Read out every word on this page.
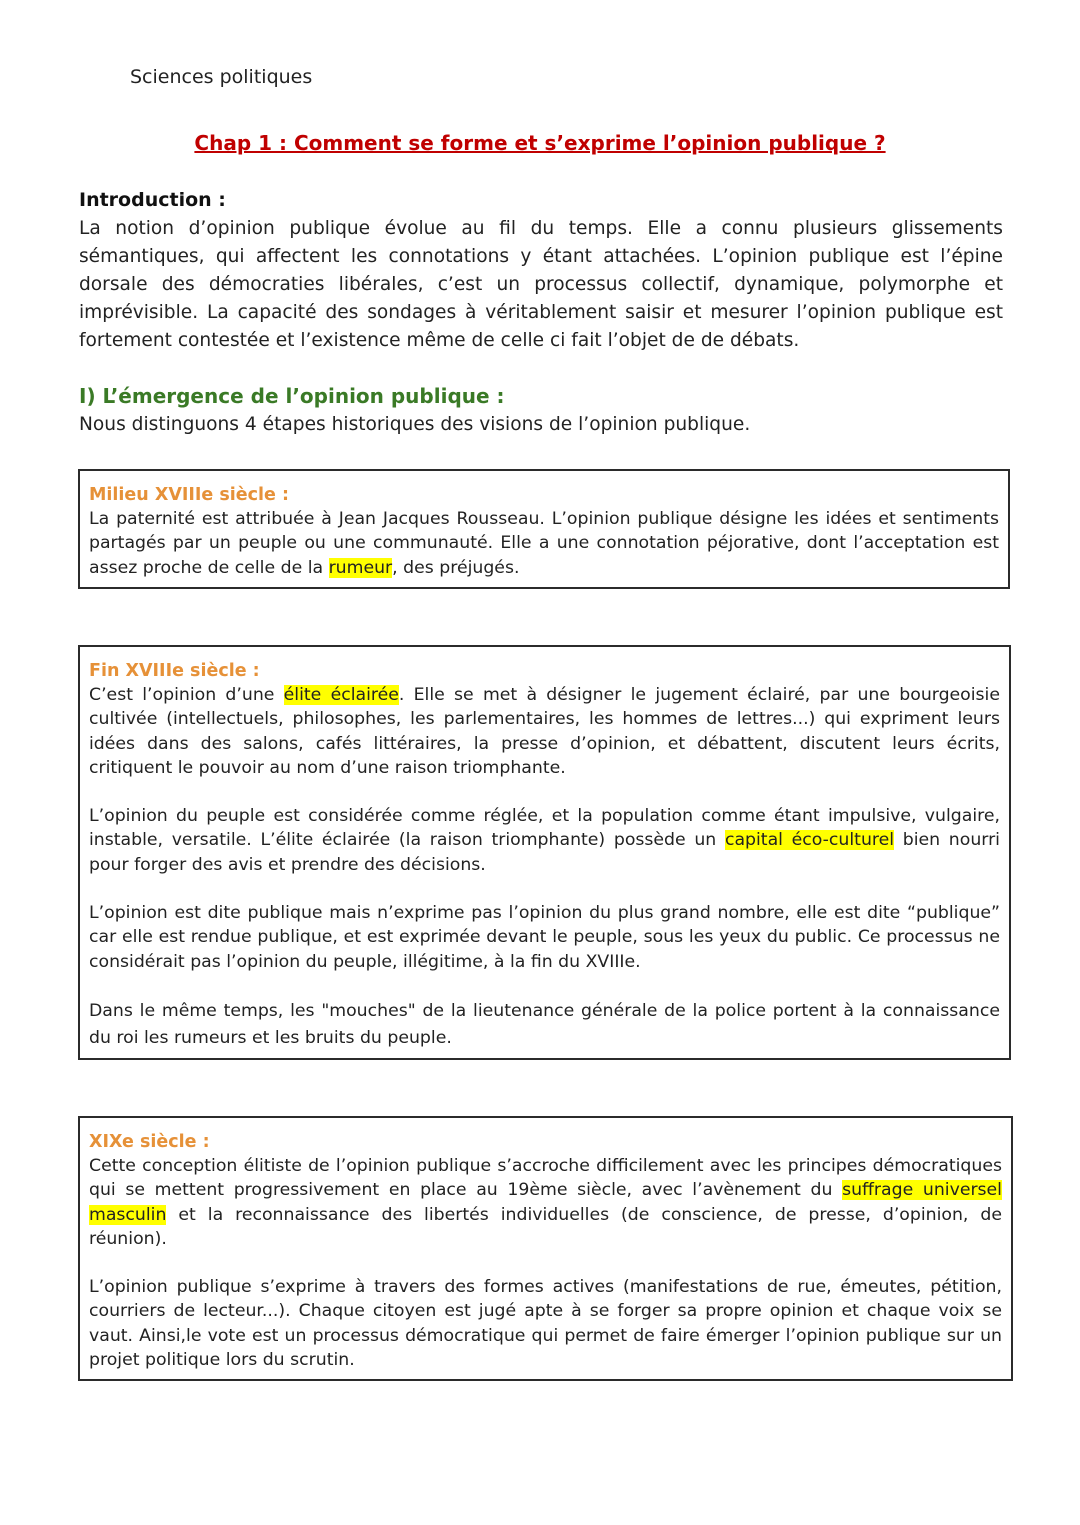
Sciences politiques
Chap 1 : Comment se forme et s’exprime l’opinion publique ?
Introduction :
La notion d’opinion publique évolue au fil du temps. Elle a connu plusieurs glissements sémantiques, qui affectent les connotations y étant attachées. L’opinion publique est l’épine dorsale des démocraties libérales, c’est un processus collectif, dynamique, polymorphe et imprévisible. La capacité des sondages à véritablement saisir et mesurer l’opinion publique est fortement contestée et l’existence même de celle ci fait l’objet de de débats.
I) L’émergence de l’opinion publique :
Nous distinguons 4 étapes historiques des visions de l’opinion publique.
Milieu XVIIIe siècle :

La paternité est attribuée à Jean Jacques Rousseau. L’opinion publique désigne les idées et sentiments partagés par un peuple ou une communauté. Elle a une connotation péjorative, dont l’acceptation est assez proche de celle de la rumeur, des préjugés.

Fin XVIIIe siècle :

C’est l’opinion d’une élite éclairée. Elle se met à désigner le jugement éclairé, par une bourgeoisie cultivée (intellectuels, philosophes, les parlementaires, les hommes de lettres...) qui expriment leurs idées dans des salons, cafés littéraires, la presse d’opinion, et débattent, discutent leurs écrits, critiquent le pouvoir au nom d’une raison triomphante.

L’opinion du peuple est considérée comme réglée, et la population comme étant impulsive, vulgaire, instable, versatile. L’élite éclairée (la raison triomphante) possède un capital éco-culturel bien nourri pour forger des avis et prendre des décisions.

L’opinion est dite publique mais n’exprime pas l’opinion du plus grand nombre, elle est dite “publique” car elle est rendue publique, et est exprimée devant le peuple, sous les yeux du public. Ce processus ne considérait pas l’opinion du peuple, illégitime, à la fin du XVIIIe.

Dans le même temps, les "mouches" de la lieutenance générale de la police portent à la connaissance du roi les rumeurs et les bruits du peuple.

XIXe siècle :

Cette conception élitiste de l’opinion publique s’accroche difficilement avec les principes démocratiques qui se mettent progressivement en place au 19ème siècle, avec l’avènement du suffrage universel masculin et la reconnaissance des libertés individuelles (de conscience, de presse, d’opinion, de réunion).

L’opinion publique s’exprime à travers des formes actives (manifestations de rue, émeutes, pétition, courriers de lecteur...). Chaque citoyen est jugé apte à se forger sa propre opinion et chaque voix se vaut. Ainsi,le vote est un processus démocratique qui permet de faire émerger l’opinion publique sur un projet politique lors du scrutin.
